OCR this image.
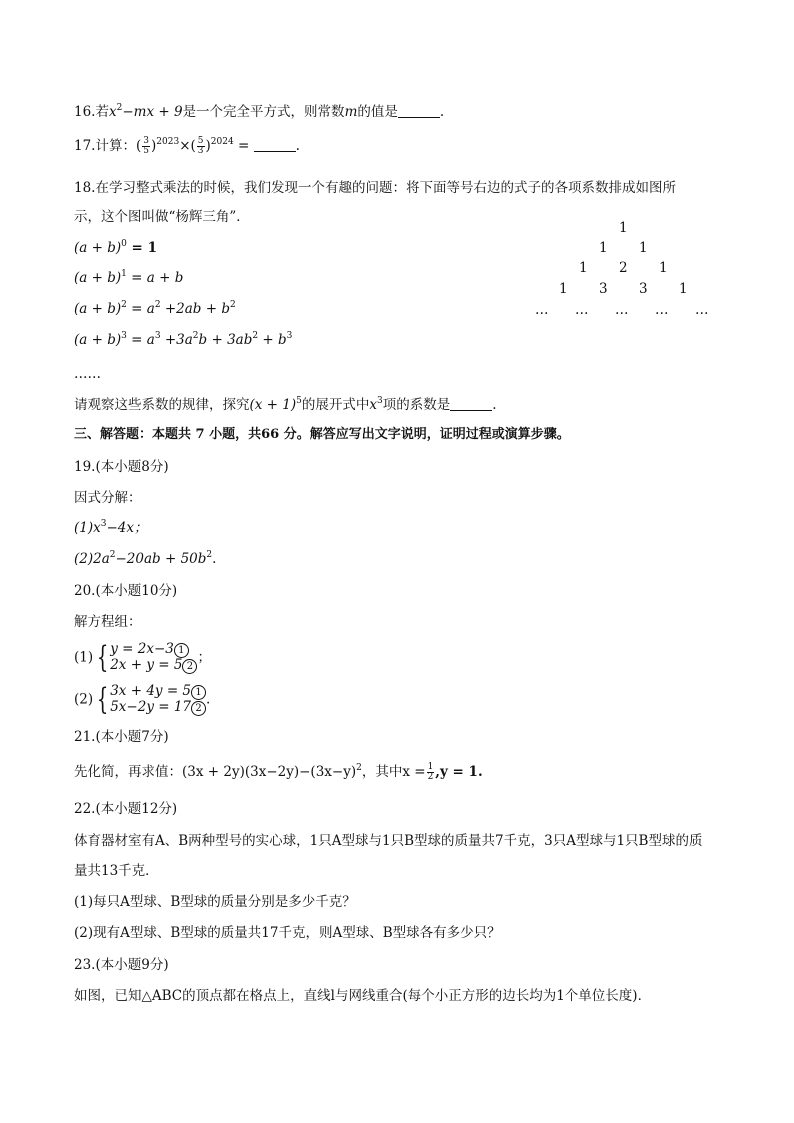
16.若$x^2-mx + 9$是一个完全平方式，则常数m的值是	.
17.计算：( $\frac{3}{5} )^{2023}\times( \frac{5}{3} )^{2024}$ =	.
18.在学习整式乘法的时候，我们发现一个有趣的问题：将下面等号右边的式子的各项系数排成如图所
示，这个图叫做“杨辉三角”．
$(a + b)^0 = 1$
$(a + b)^1 = a + b$
$(a + b)^2 = a^2 +2ab + b^2$
$(a + b)^3 = a^3 +3a^2b + 3ab^2 + b^3$
……
1
1 1
1 2 1
1 3 3 1
… … … … …
请观察这些系数的规律，探究$(x + 1)^5$的展开式中$x^3$项的系数是	.
三、解答题：本题共 7 小题，共66 分。解答应写出文字说明，证明过程或演算步骤。
19.(本小题8分)
因式分解：
$(1)x^3-4x$；
$(2)2a^2-20ab + 50b^2$.
20.(本小题10分)
解方程组：
(1) { y = 2x−3 1
2x + y = 5 2
；
(2) { 3x + 4y = 5 1
5x−2y = 17 2
.
21.(本小题7分)
先化简，再求值：$(3x + 2y)(3x-2y)-(3x-y)^2$，其中$x = \frac{1}{2} ,y = 1$.
22.(本小题12分)
体育器材室有A、B两种型号的实心球，1只A型球与1只B型球的质量共7千克，3只A型球与1只B型球的质
量共13千克．
(1)每只A型球、B型球的质量分别是多少千克？
(2)现有A型球、B型球的质量共17千克，则A型球、B型球各有多少只？
23.(本小题9分)
如图，已知△ABC的顶点都在格点上，直线l与网线重合(每个小正方形的边长均为1个单位长度)．
